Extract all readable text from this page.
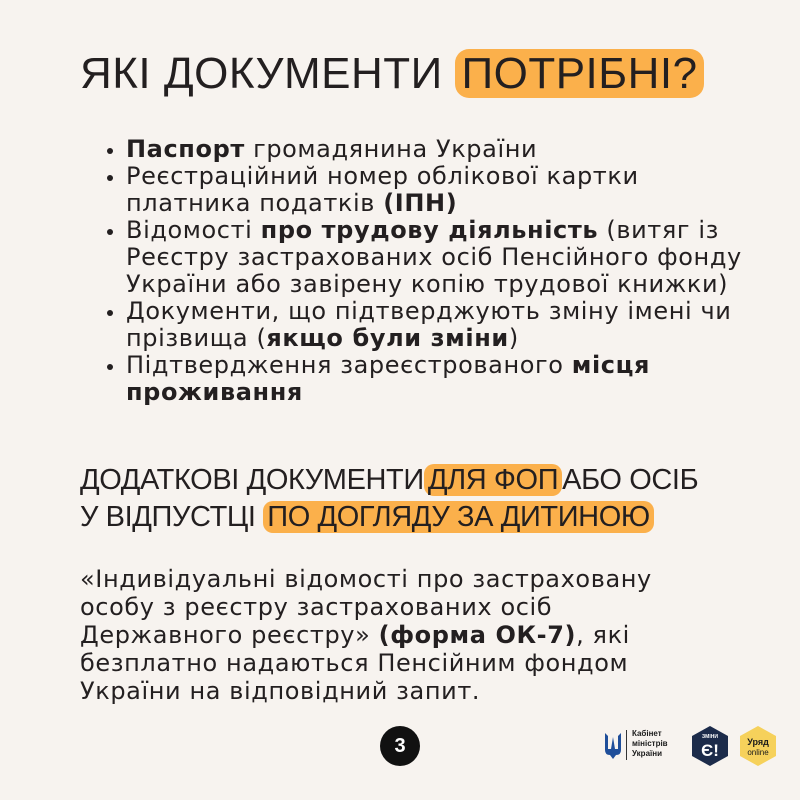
ЯКІ ДОКУМЕНТИ ПОТРІБНІ?
• Паспорт громадянина України
• Реєстраційний номер облікової картки платника податків (ІПН)
• Відомості про трудову діяльність (витяг із Реєстру застрахованих осіб Пенсійного фонду України або завірену копію трудової книжки)
• Документи, що підтверджують зміну імені чи прізвища (якщо були зміни)
• Підтвердження зареєстрованого місця проживання
ДОДАТКОВІ ДОКУМЕНТИ ДЛЯ ФОП АБО ОСІБ
У ВІДПУСТЦІ ПО ДОГЛЯДУ ЗА ДИТИНОЮ
«Індивідуальні відомості про застраховану особу з реєстру застрахованих осіб Державного реєстру» (форма ОК-7), які безплатно надаються Пенсійним фондом України на відповідний запит.
3
Кабінет
міністрів
України
ЗМІНИ
Є!	Уряд
online
